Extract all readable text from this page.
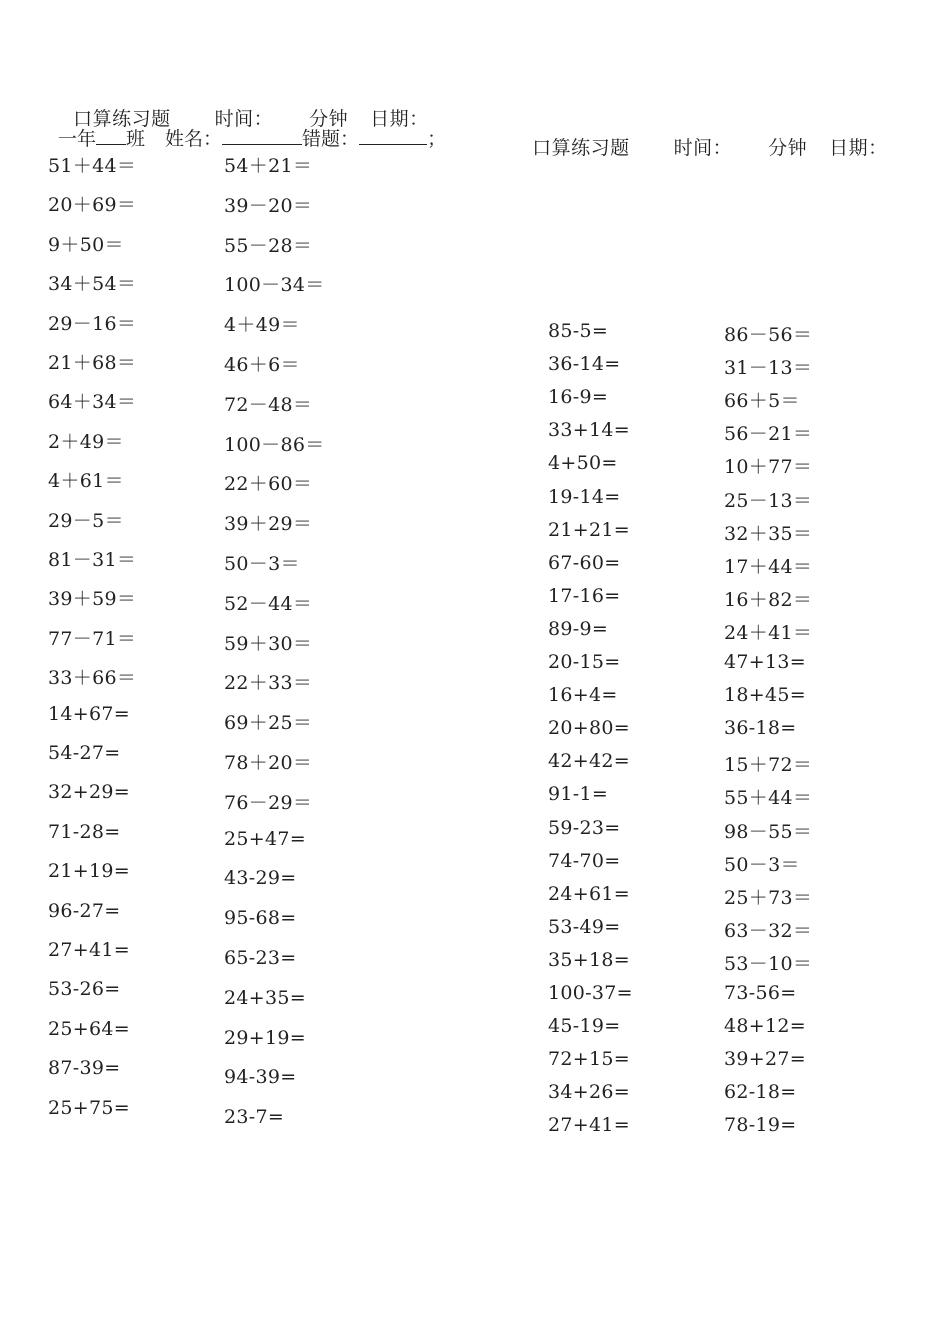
口算练习题 时间： 分钟 日期：

一年 班 姓名：	错题：	；
51＋44＝
20＋69＝
9＋50＝
34＋54＝
29－16＝
21＋68＝
64＋34＝
2＋49＝
4＋61＝
29－5＝
81－31＝
39＋59＝
77－71＝
33＋66＝
14+67=
54-27=
32+29=
71-28=
21+19=
96-27=
27+41=
53-26=
25+64=
87-39=
25+75=
54＋21＝
39－20＝
55－28＝
100－34＝
4＋49＝
46＋6＝
72－48＝
100－86＝
22＋60＝
39＋29＝
50－3＝
52－44＝
59＋30＝
22＋33＝
69＋25＝
78＋20＝
76－29＝
25+47=
43-29=
95-68=
65-23=
24+35=
29+19=
94-39=
23-7=

口算练习题 时间： 分钟 日期：

85-5=
36-14=
16-9=
33+14=
4+50=
19-14=
21+21=
67-60=
17-16=
89-9=
20-15=
16+4=
20+80=
42+42=
91-1=
59-23=
74-70=
24+61=
53-49=
35+18=
100-37=
45-19=
72+15=
34+26=
27+41=
86－56＝
31－13＝
66＋5＝
56－21＝
10＋77＝
25－13＝
32＋35＝
17＋44＝
16＋82＝
24＋41＝
47+13=
18+45=
36-18=
15＋72＝
55＋44＝
98－55＝
50－3＝
25＋73＝
63－32＝
53－10＝
73-56=
48+12=
39+27=
62-18=
78-19=
